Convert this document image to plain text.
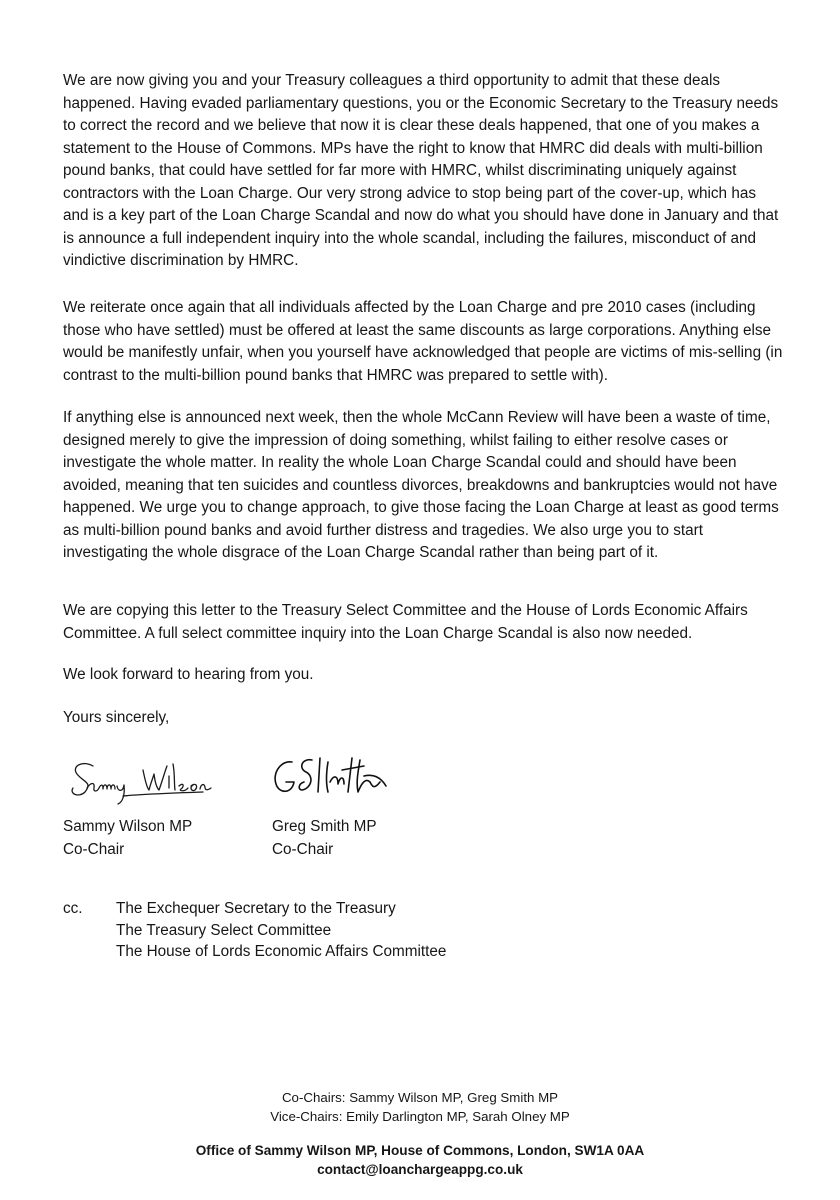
We are now giving you and your Treasury colleagues a third opportunity to admit that these deals happened. Having evaded parliamentary questions, you or the Economic Secretary to the Treasury needs to correct the record and we believe that now it is clear these deals happened, that one of you makes a statement to the House of Commons. MPs have the right to know that HMRC did deals with multi-billion pound banks, that could have settled for far more with HMRC, whilst discriminating uniquely against contractors with the Loan Charge. Our very strong advice to stop being part of the cover-up, which has and is a key part of the Loan Charge Scandal and now do what you should have done in January and that is announce a full independent inquiry into the whole scandal, including the failures, misconduct of and vindictive discrimination by HMRC.

We reiterate once again that all individuals affected by the Loan Charge and pre 2010 cases (including those who have settled) must be offered at least the same discounts as large corporations. Anything else would be manifestly unfair, when you yourself have acknowledged that people are victims of mis-selling (in contrast to the multi-billion pound banks that HMRC was prepared to settle with).

If anything else is announced next week, then the whole McCann Review will have been a waste of time, designed merely to give the impression of doing something, whilst failing to either resolve cases or investigate the whole matter. In reality the whole Loan Charge Scandal could and should have been avoided, meaning that ten suicides and countless divorces, breakdowns and bankruptcies would not have happened. We urge you to change approach, to give those facing the Loan Charge at least as good terms as multi-billion pound banks and avoid further distress and tragedies. We also urge you to start investigating the whole disgrace of the Loan Charge Scandal rather than being part of it.

We are copying this letter to the Treasury Select Committee and the House of Lords Economic Affairs Committee. A full select committee inquiry into the Loan Charge Scandal is also now needed.

We look forward to hearing from you.

Yours sincerely,

Sammy Wilson MP
Co-Chair
Greg Smith MP
Co-Chair
cc. The Exchequer Secretary to the Treasury
The Treasury Select Committee
The House of Lords Economic Affairs Committee
Co-Chairs: Sammy Wilson MP, Greg Smith MP
Vice-Chairs: Emily Darlington MP, Sarah Olney MP
Office of Sammy Wilson MP, House of Commons, London, SW1A 0AA
contact@loanchargeappg.co.uk
